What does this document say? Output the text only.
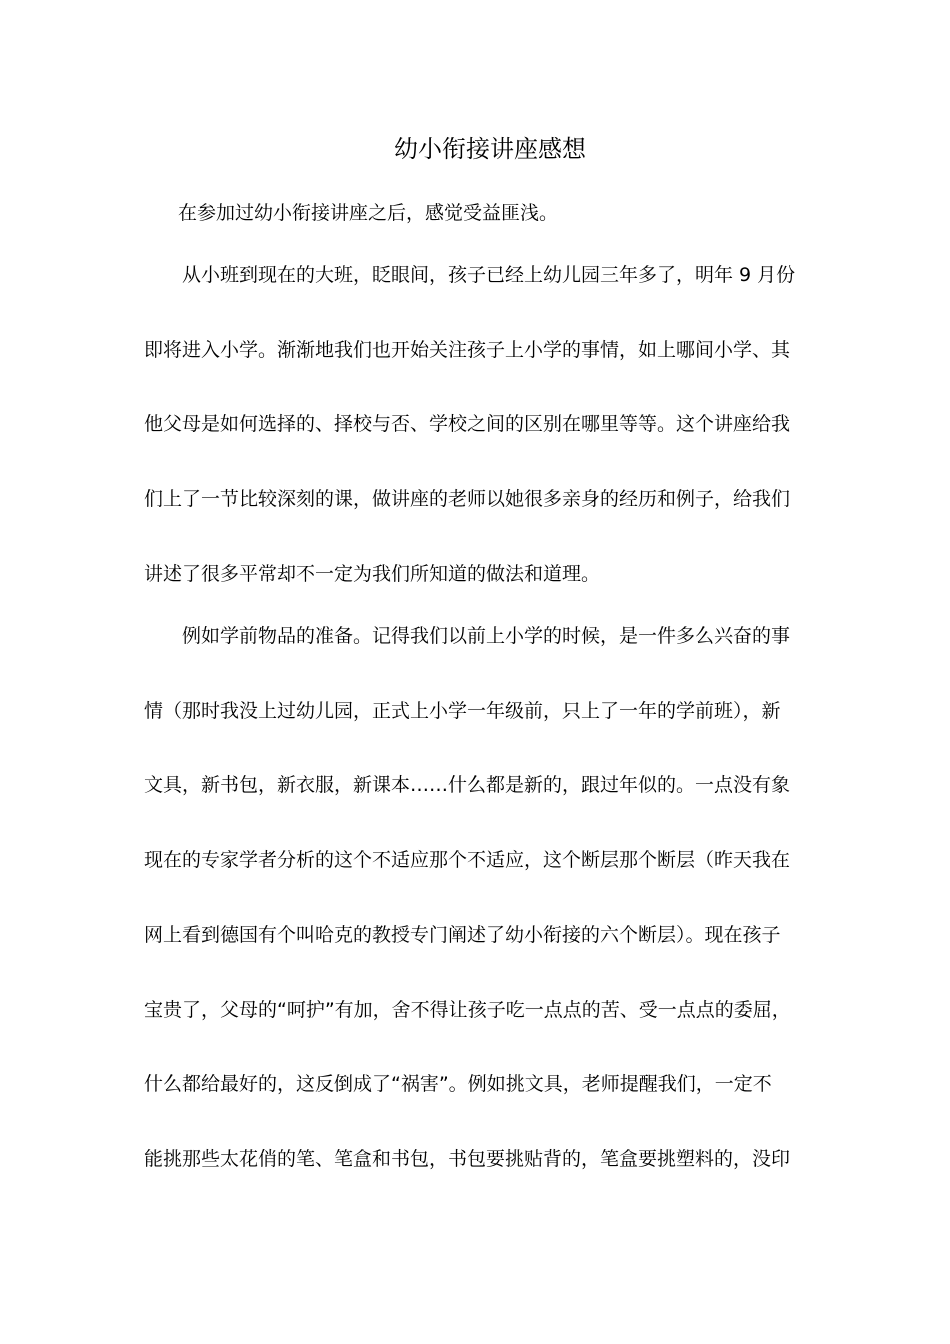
幼小衔接讲座感想
在参加过幼小衔接讲座之后，感觉受益匪浅。
从小班到现在的大班，眨眼间，孩子已经上幼儿园三年多了，明年 9 月份
即将进入小学。渐渐地我们也开始关注孩子上小学的事情，如上哪间小学、其
他父母是如何选择的、择校与否、学校之间的区别在哪里等等。这个讲座给我
们上了一节比较深刻的课，做讲座的老师以她很多亲身的经历和例子，给我们
讲述了很多平常却不一定为我们所知道的做法和道理。
例如学前物品的准备。记得我们以前上小学的时候，是一件多么兴奋的事
情（那时我没上过幼儿园，正式上小学一年级前，只上了一年的学前班），新
文具，新书包，新衣服，新课本……什么都是新的，跟过年似的。一点没有象
现在的专家学者分析的这个不适应那个不适应，这个断层那个断层（昨天我在
网上看到德国有个叫哈克的教授专门阐述了幼小衔接的六个断层）。现在孩子
宝贵了，父母的“呵护”有加，舍不得让孩子吃一点点的苦、受一点点的委屈，
什么都给最好的，这反倒成了“祸害”。例如挑文具，老师提醒我们，一定不
能挑那些太花俏的笔、笔盒和书包，书包要挑贴背的，笔盒要挑塑料的，没印
